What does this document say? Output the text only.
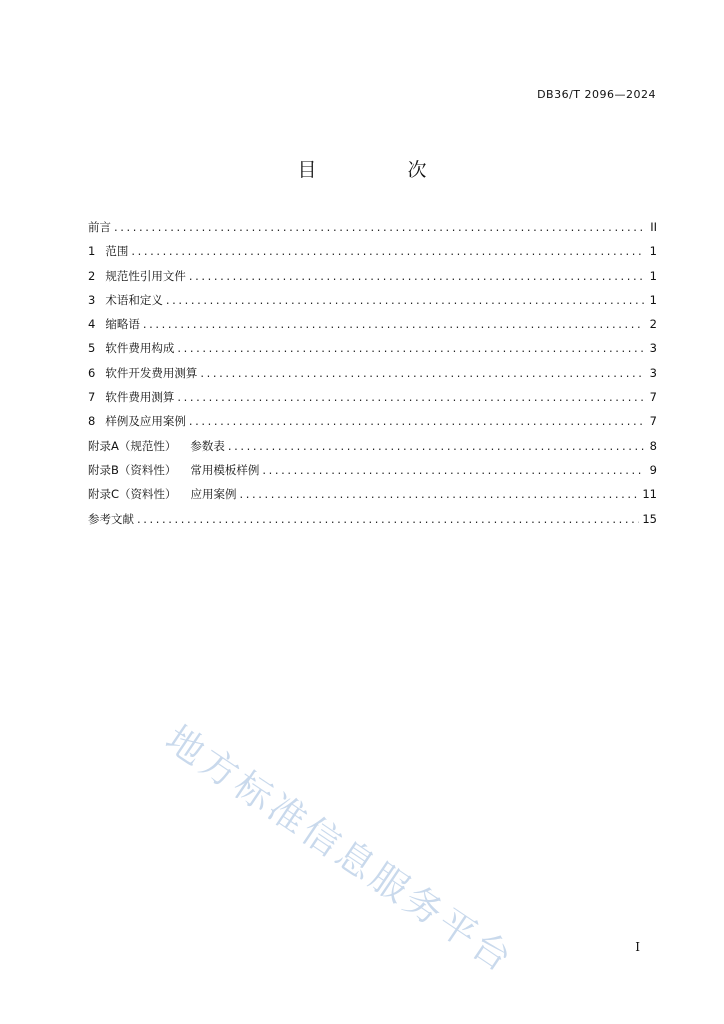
DB36/T 2096—2024
目　次
前言 .....	II
1 范围 .....	1
2 规范性引用文件 .....	1
3 术语和定义 .....	1
4 缩略语 .....	2
5 软件费用构成 .....	3
6 软件开发费用测算 .....	3
7 软件费用测算 .....	7
8 样例及应用案例 .....	7
附录A（规范性） 参数表 .....	8
附录B（资料性） 常用模板样例 .....	9
附录C（资料性） 应用案例 .....	11
参考文献 .....	15
地方标准信息服务平台	I
